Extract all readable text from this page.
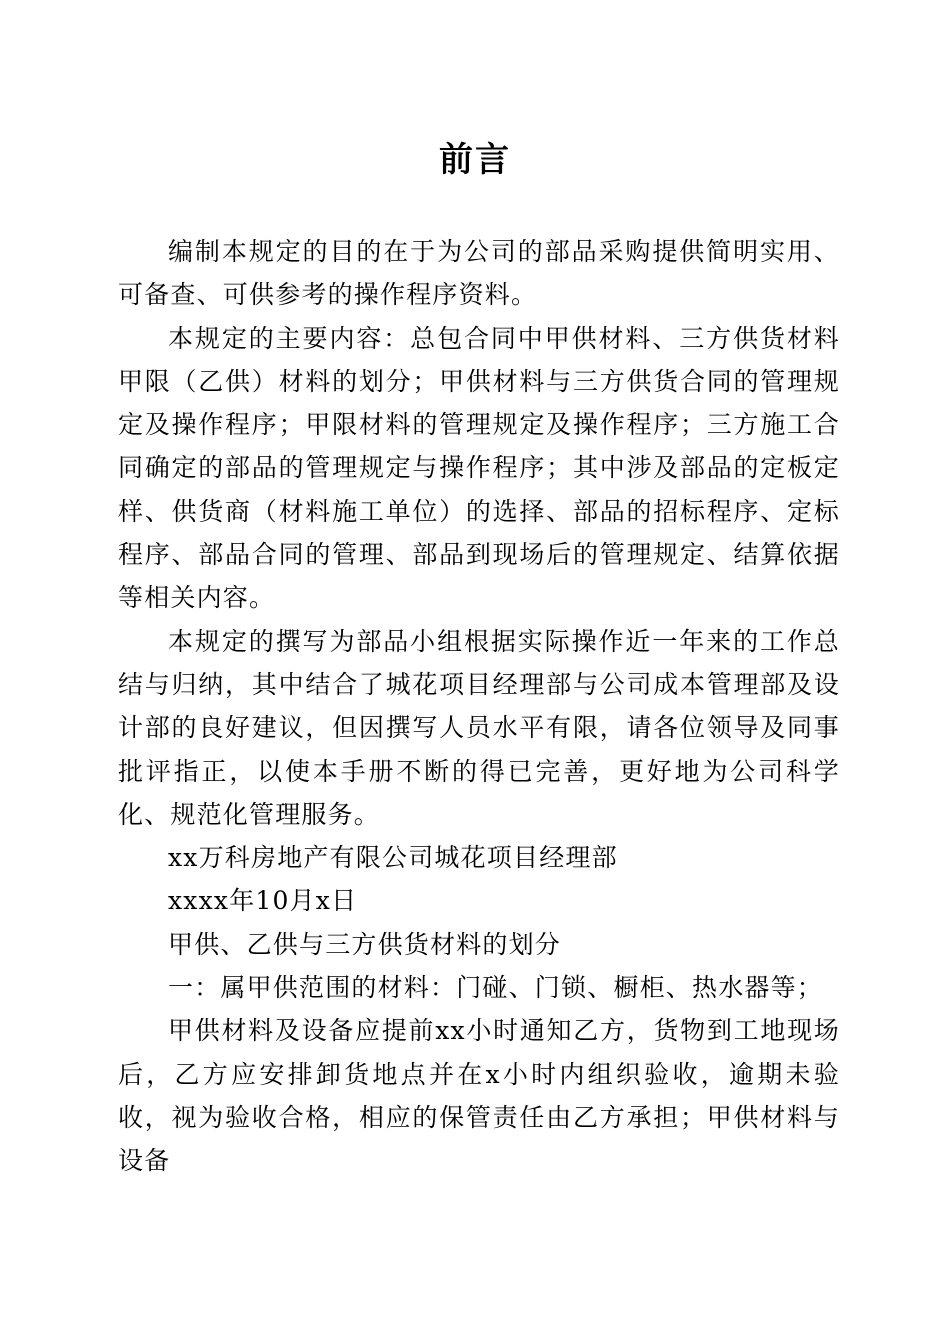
前言

编制本规定的目的在于为公司的部品采购提供简明实用、可备查、可供参考的操作程序资料。

本规定的主要内容：总包合同中甲供材料、三方供货材料甲限（乙供）材料的划分；甲供材料与三方供货合同的管理规定及操作程序；甲限材料的管理规定及操作程序；三方施工合同确定的部品的管理规定与操作程序；其中涉及部品的定板定样、供货商（材料施工单位）的选择、部品的招标程序、定标程序、部品合同的管理、部品到现场后的管理规定、结算依据等相关内容。

本规定的撰写为部品小组根据实际操作近一年来的工作总结与归纳，其中结合了城花项目经理部与公司成本管理部及设计部的良好建议，但因撰写人员水平有限，请各位领导及同事批评指正，以使本手册不断的得已完善，更好地为公司科学化、规范化管理服务。

xx万科房地产有限公司城花项目经理部

xxxx年10月x日

甲供、乙供与三方供货材料的划分

一：属甲供范围的材料：门碰、门锁、橱柜、热水器等；

甲供材料及设备应提前xx小时通知乙方，货物到工地现场后，乙方应安排卸货地点并在x小时内组织验收，逾期未验收，视为验收合格，相应的保管责任由乙方承担；甲供材料与设备
